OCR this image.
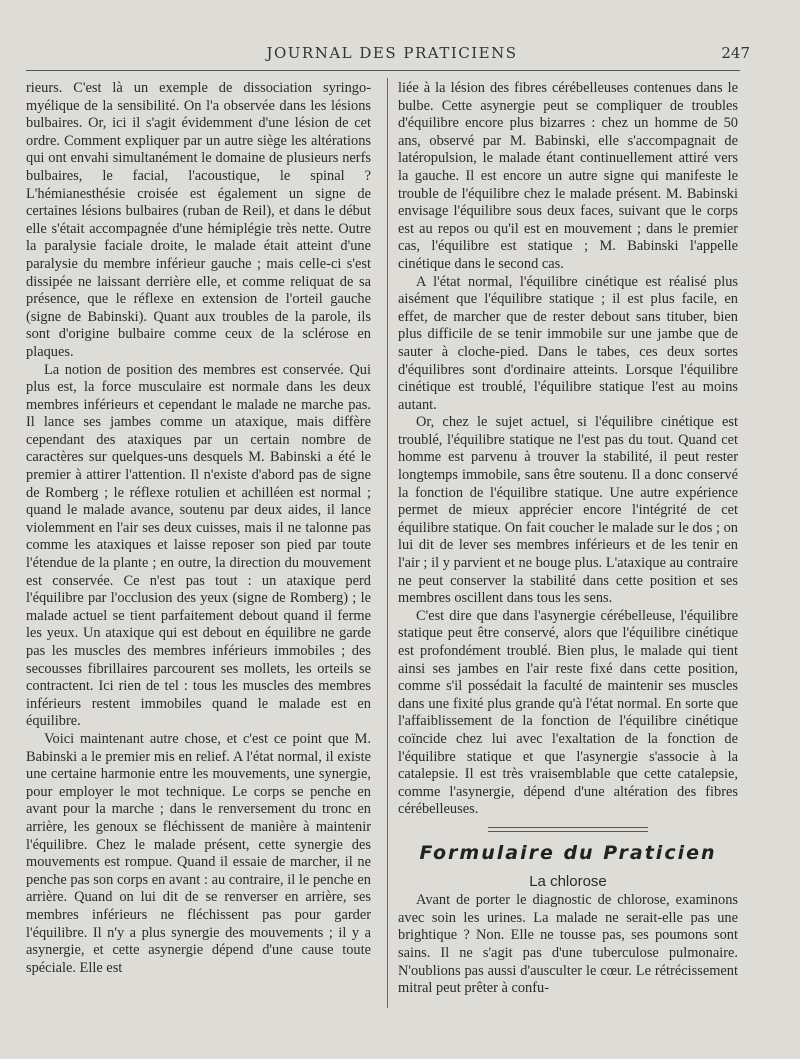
JOURNAL DES PRATICIENS	247

rieurs. C'est là un exemple de dissociation syringo-myélique de la sensibilité. On l'a observée dans les lésions bulbaires. Or, ici il s'agit évidemment d'une lésion de cet ordre. Comment expliquer par un autre siège les altérations qui ont envahi simultanément le domaine de plusieurs nerfs bulbaires, le facial, l'acoustique, le spinal ? L'hémianesthésie croisée est également un signe de certaines lésions bulbaires (ruban de Reil), et dans le début elle s'était accompagnée d'une hémiplégie très nette. Outre la paralysie faciale droite, le malade était atteint d'une paralysie du membre inférieur gauche ; mais celle-ci s'est dissipée ne laissant derrière elle, et comme reliquat de sa présence, que le réflexe en extension de l'orteil gauche (signe de Babinski). Quant aux troubles de la parole, ils sont d'origine bulbaire comme ceux de la sclérose en plaques.

La notion de position des membres est conservée. Qui plus est, la force musculaire est normale dans les deux membres inférieurs et cependant le malade ne marche pas. Il lance ses jambes comme un ataxique, mais diffère cependant des ataxiques par un certain nombre de caractères sur quelques-uns desquels M. Babinski a été le premier à attirer l'attention. Il n'existe d'abord pas de signe de Romberg ; le réflexe rotulien et achilléen est normal ; quand le malade avance, soutenu par deux aides, il lance violemment en l'air ses deux cuisses, mais il ne talonne pas comme les ataxiques et laisse reposer son pied par toute l'étendue de la plante ; en outre, la direction du mouvement est conservée. Ce n'est pas tout : un ataxique perd l'équilibre par l'occlusion des yeux (signe de Romberg) ; le malade actuel se tient parfaitement debout quand il ferme les yeux. Un ataxique qui est debout en équilibre ne garde pas les muscles des membres inférieurs immobiles ; des secousses fibrillaires parcourent ses mollets, les orteils se contractent. Ici rien de tel : tous les muscles des membres inférieurs restent immobiles quand le malade est en équilibre.

Voici maintenant autre chose, et c'est ce point que M. Babinski a le premier mis en relief. A l'état normal, il existe une certaine harmonie entre les mouvements, une synergie, pour employer le mot technique. Le corps se penche en avant pour la marche ; dans le renversement du tronc en arrière, les genoux se fléchissent de manière à maintenir l'équilibre. Chez le malade présent, cette synergie des mouvements est rompue. Quand il essaie de marcher, il ne penche pas son corps en avant : au contraire, il le penche en arrière. Quand on lui dit de se renverser en arrière, ses membres inférieurs ne fléchissent pas pour garder l'équilibre. Il n'y a plus synergie des mouvements ; il y a asynergie, et cette asynergie dépend d'une cause toute spéciale. Elle est

liée à la lésion des fibres cérébelleuses contenues dans le bulbe. Cette asynergie peut se compliquer de troubles d'équilibre encore plus bizarres : chez un homme de 50 ans, observé par M. Babinski, elle s'accompagnait de latéropulsion, le malade étant continuellement attiré vers la gauche. Il est encore un autre signe qui manifeste le trouble de l'équilibre chez le malade présent. M. Babinski envisage l'équilibre sous deux faces, suivant que le corps est au repos ou qu'il est en mouvement ; dans le premier cas, l'équilibre est statique ; M. Babinski l'appelle cinétique dans le second cas.

A l'état normal, l'équilibre cinétique est réalisé plus aisément que l'équilibre statique ; il est plus facile, en effet, de marcher que de rester debout sans tituber, bien plus difficile de se tenir immobile sur une jambe que de sauter à cloche-pied. Dans le tabes, ces deux sortes d'équilibres sont d'ordinaire atteints. Lorsque l'équilibre cinétique est troublé, l'équilibre statique l'est au moins autant.

Or, chez le sujet actuel, si l'équilibre cinétique est troublé, l'équilibre statique ne l'est pas du tout. Quand cet homme est parvenu à trouver la stabilité, il peut rester longtemps immobile, sans être soutenu. Il a donc conservé la fonction de l'équilibre statique. Une autre expérience permet de mieux apprécier encore l'intégrité de cet équilibre statique. On fait coucher le malade sur le dos ; on lui dit de lever ses membres inférieurs et de les tenir en l'air ; il y parvient et ne bouge plus. L'ataxique au contraire ne peut conserver la stabilité dans cette position et ses membres oscillent dans tous les sens.

C'est dire que dans l'asynergie cérébelleuse, l'équilibre statique peut être conservé, alors que l'équilibre cinétique est profondément troublé. Bien plus, le malade qui tient ainsi ses jambes en l'air reste fixé dans cette position, comme s'il possédait la faculté de maintenir ses muscles dans une fixité plus grande qu'à l'état normal. En sorte que l'affaiblissement de la fonction de l'équilibre cinétique coïncide chez lui avec l'exaltation de la fonction de l'équilibre statique et que l'asynergie s'associe à la catalepsie. Il est très vraisemblable que cette catalepsie, comme l'asynergie, dépend d'une altération des fibres cérébelleuses.

Formulaire du Praticien
La chlorose

Avant de porter le diagnostic de chlorose, examinons avec soin les urines. La malade ne serait-elle pas une brightique ? Non. Elle ne tousse pas, ses poumons sont sains. Il ne s'agit pas d'une tuberculose pulmonaire. N'oublions pas aussi d'ausculter le cœur. Le rétrécissement mitral peut prêter à confu-
